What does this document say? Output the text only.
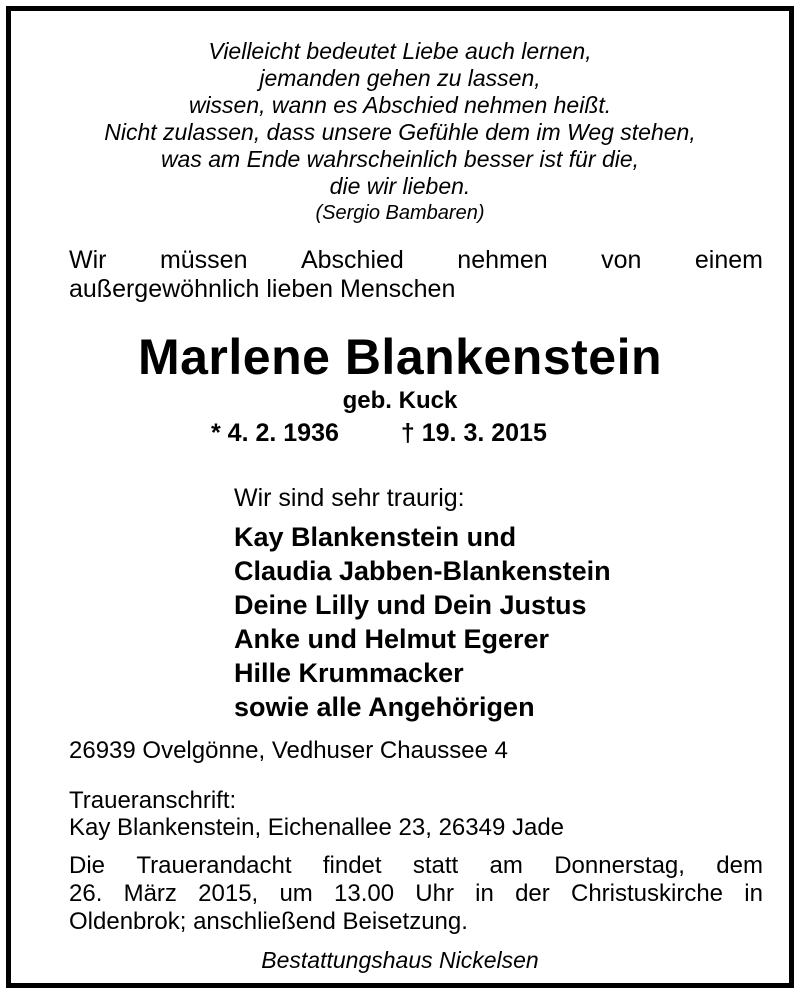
Vielleicht bedeutet Liebe auch lernen,
jemanden gehen zu lassen,
wissen, wann es Abschied nehmen heißt.
Nicht zulassen, dass unsere Gefühle dem im Weg stehen,
was am Ende wahrscheinlich besser ist für die,
die wir lieben.
(Sergio Bambaren)
Wir müssen Abschied nehmen von einem
außergewöhnlich lieben Menschen
Marlene Blankenstein
geb. Kuck
* 4. 2. 1936 † 19. 3. 2015
Wir sind sehr traurig:
Kay Blankenstein und
Claudia Jabben-Blankenstein
Deine Lilly und Dein Justus
Anke und Helmut Egerer
Hille Krummacker
sowie alle Angehörigen
26939 Ovelgönne, Vedhuser Chaussee 4
Traueranschrift:
Kay Blankenstein, Eichenallee 23, 26349 Jade
Die Trauerandacht findet statt am Donnerstag, dem
26. März 2015, um 13.00 Uhr in der Christuskirche in
Oldenbrok; anschließend Beisetzung.
Bestattungshaus Nickelsen
